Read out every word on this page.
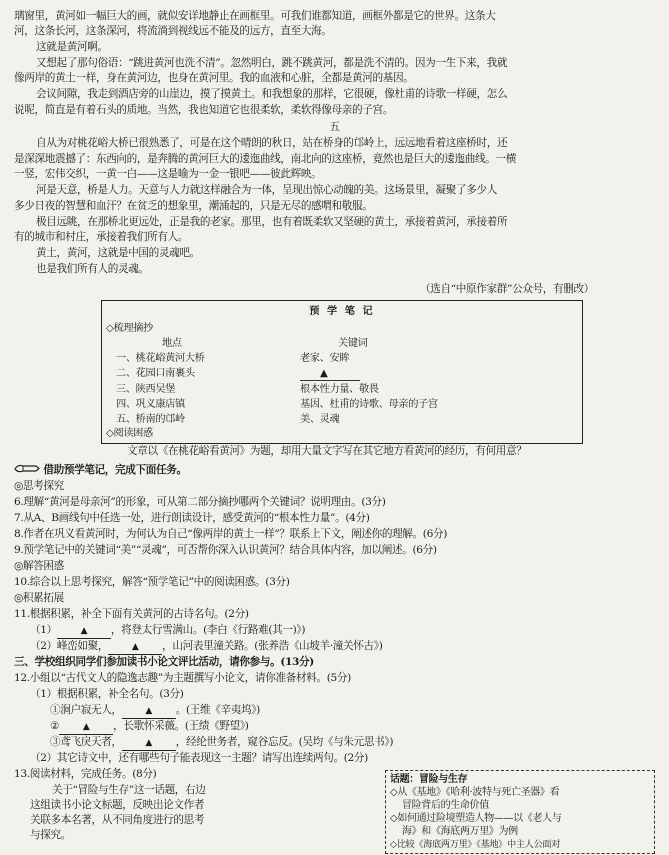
璃窗里，黄河如一幅巨大的画，就似安详地静止在画框里。可我们谁都知道，画框外都是它的世界。这条大
河，这条长河，这条深河，将流淌到视线远不能及的远方，直至大海。
这就是黄河啊。
又想起了那句俗语：“跳进黄河也洗不清”。忽然明白，跳不跳黄河，都是洗不清的。因为一生下来，我就
像两岸的黄土一样，身在黄河边，也身在黄河里。我的血液和心脏，全都是黄河的基因。
会议间隙，我走到酒店旁的山崖边，摸了摸黄土。和我想象的那样，它很硬，像杜甫的诗歌一样硬，怎么
说呢，简直是有着石头的质地。当然，我也知道它也很柔软，柔软得像母亲的子宫。
五
自从为对桃花峪大桥已很熟悉了，可是在这个晴朗的秋日，站在桥身的邙岭上，远远地看着这座桥时，还
是深深地震撼了：东西向的，是奔腾的黄河巨大的逶迤曲线，南北向的这座桥，竟然也是巨大的逶迤曲线。一横
一竖，宏伟交织，一黄一白——这是喻为一金一银吧——彼此辉映。
河是天意，桥是人力。天意与人力就这样融合为一体，呈现出惊心动魄的美。这场景里，凝聚了多少人
多少日夜的智慧和血汗？在贫乏的想象里，潮涌起的，只是无尽的感喟和敬服。
极目远眺，在那桥北更远处，正是我的老家。那里，也有着既柔软又坚硬的黄土，承接着黄河，承接着所
有的城市和村庄，承接着我们所有人。
黄土，黄河，这就是中国的灵魂吧。
也是我们所有人的灵魂。
（选自“中原作家群”公众号，有删改）
预 学 笔 记
◇梳理摘抄
地点	关键词
一、桃花峪黄河大桥	老家、安眸
二、花园口南裹头	▲
三、陕西吴堡	根本性力量、敬畏
四、巩义康店镇	基因、杜甫的诗歌、母亲的子宫
五、桥南的邙岭	美、灵魂
◇阅读困惑
文章以《在桃花峪看黄河》为题，却用大量文字写在其它地方看黄河的经历，有何用意？
借助预学笔记，完成下面任务。
◎思考探究
6.理解“黄河是母亲河”的形象，可从第二部分摘抄哪两个关键词？说明理由。(3分)
7.从A、B画线句中任选一处，进行朗读设计，感受黄河的“根本性力量”。(4分)
8.作者在巩义看黄河时，为何认为自己“像两岸的黄土一样”？联系上下文，阐述你的理解。(6分)
9.预学笔记中的关键词“美”“灵魂”，可否帮你深入认识黄河？结合具体内容，加以阐述。(6分)
◎解答困惑
10.综合以上思考探究，解答“预学笔记”中的阅读困惑。(3分)
◎积累拓展
11.根据积累，补全下面有关黄河的古诗名句。(2分)
（1）	▲ ，将登太行雪满山。(李白《行路难(其一)》)
（2）峰峦如聚，	▲ ，山河表里潼关路。(张养浩《山坡羊·潼关怀古》)
三、学校组织同学们参加读书小论文评比活动，请你参与。(13分)
12.小组以“古代文人的隐逸志趣”为主题撰写小论文，请你准备材料。(5分)
（1）根据积累，补全名句。(3分)
①涧户寂无人，	▲ 。(王维《辛夷坞》)
②	▲ ，长歌怀采薇。(王绩《野望》)
③鸢飞戾天者，	▲ ，经纶世务者，窥谷忘反。(吴均《与朱元思书》)
（2）其它诗文中，还有哪些句子能表现这一主题？请写出连续两句。(2分)
13.阅读材料，完成任务。(8分)
关于“冒险与生存”这一话题，右边
这组读书小论文标题，反映出论文作者
关联多本名著，从不同角度进行的思考
与探究。
话题：冒险与生存
◇从《基地》《哈利·波特与死亡圣器》看
冒险背后的生命价值
◇如何通过险境塑造人物——以《老人与
海》和《海底两万里》为例
◇比较《海底两万里》《基地》中主人公面对
